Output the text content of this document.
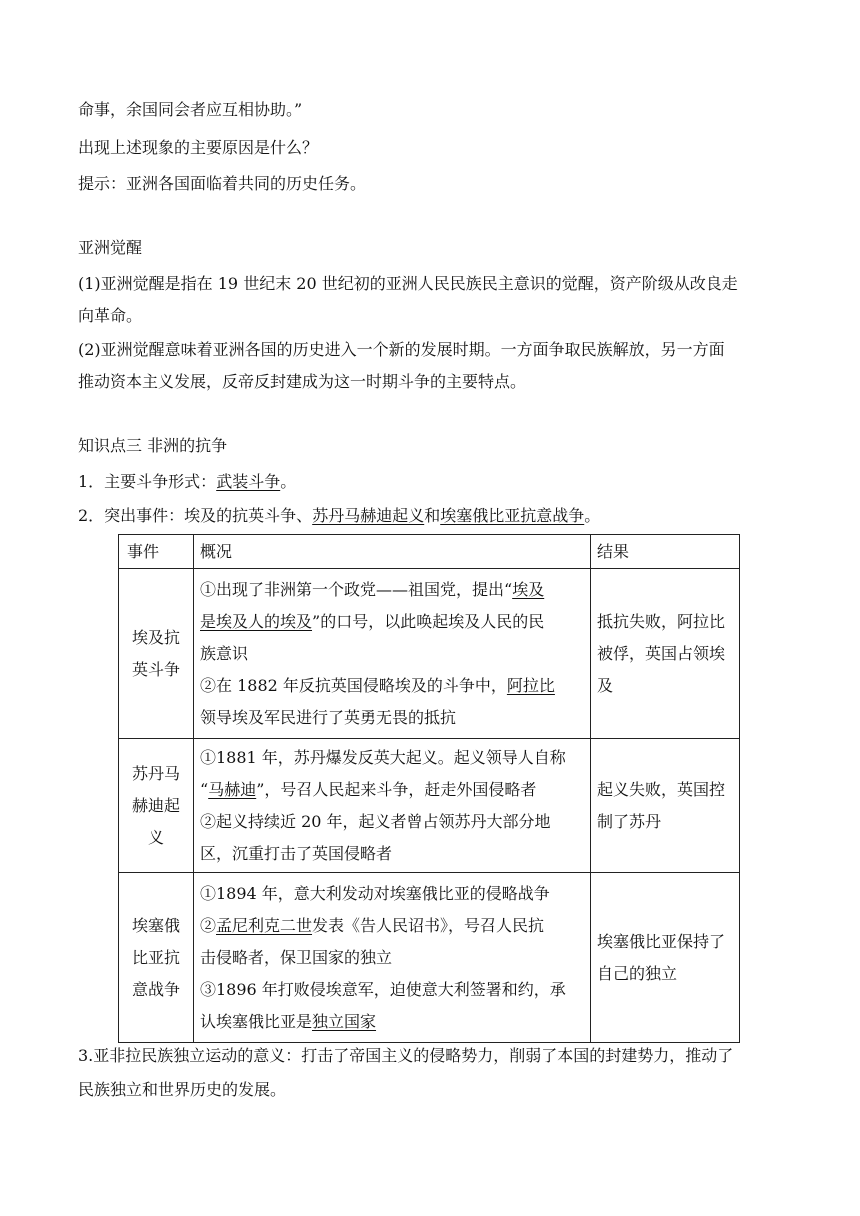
命事，余国同会者应互相协助。”
出现上述现象的主要原因是什么？
提示：亚洲各国面临着共同的历史任务。
亚洲觉醒
(1)亚洲觉醒是指在 19 世纪末 20 世纪初的亚洲人民民族民主意识的觉醒，资产阶级从改良走
向革命。
(2)亚洲觉醒意味着亚洲各国的历史进入一个新的发展时期。一方面争取民族解放，另一方面
推动资本主义发展，反帝反封建成为这一时期斗争的主要特点。
知识点三 非洲的抗争
1．主要斗争形式：武装斗争。
2．突出事件：埃及的抗英斗争、苏丹马赫迪起义和埃塞俄比亚抗意战争。
事件	概况	结果
埃及抗英斗争	①出现了非洲第一个政党——祖国党，提出“埃及
是埃及人的埃及”的口号，以此唤起埃及人民的民
族意识
②在 1882 年反抗英国侵略埃及的斗争中，阿拉比
领导埃及军民进行了英勇无畏的抵抗	抵抗失败，阿拉比被俘，英国占领埃及
苏丹马赫迪起义	①1881 年，苏丹爆发反英大起义。起义领导人自称
“马赫迪”，号召人民起来斗争，赶走外国侵略者
②起义持续近 20 年，起义者曾占领苏丹大部分地
区，沉重打击了英国侵略者	起义失败，英国控制了苏丹
埃塞俄比亚抗意战争	①1894 年，意大利发动对埃塞俄比亚的侵略战争
②孟尼利克二世发表《告人民诏书》，号召人民抗
击侵略者，保卫国家的独立
③1896 年打败侵埃意军，迫使意大利签署和约，承
认埃塞俄比亚是独立国家	埃塞俄比亚保持了自己的独立
3.亚非拉民族独立运动的意义：打击了帝国主义的侵略势力，削弱了本国的封建势力，推动了
民族独立和世界历史的发展。
